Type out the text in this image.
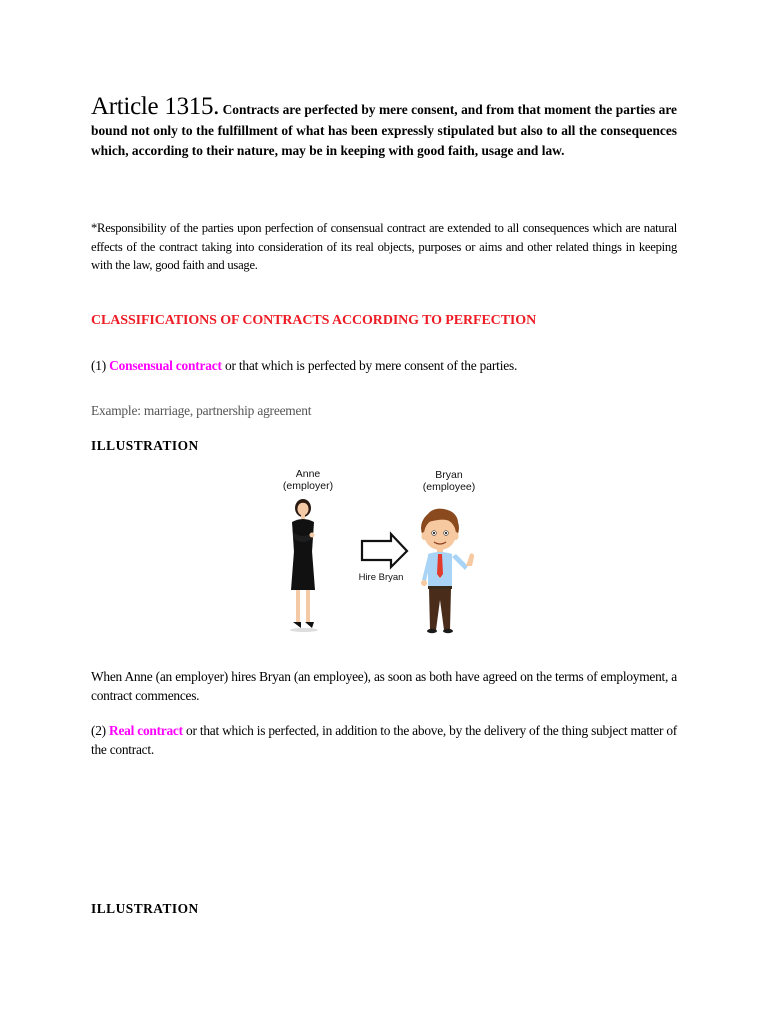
Article 1315. Contracts are perfected by mere consent, and from that moment the parties are bound not only to the fulfillment of what has been expressly stipulated but also to all the consequences which, according to their nature, may be in keeping with good faith, usage and law.
*Responsibility of the parties upon perfection of consensual contract are extended to all consequences which are natural effects of the contract taking into consideration of its real objects, purposes or aims and other related things in keeping with the law, good faith and usage.
CLASSIFICATIONS OF CONTRACTS ACCORDING TO PERFECTION
(1) Consensual contract or that which is perfected by mere consent of the parties.
Example: marriage, partnership agreement
ILLUSTRATION
Anne
(employer)
Bryan
(employee)
Hire Bryan
When Anne (an employer) hires Bryan (an employee), as soon as both have agreed on the terms of employment, a contract commences.
(2) Real contract or that which is perfected, in addition to the above, by the delivery of the thing subject matter of the contract.
ILLUSTRATION
